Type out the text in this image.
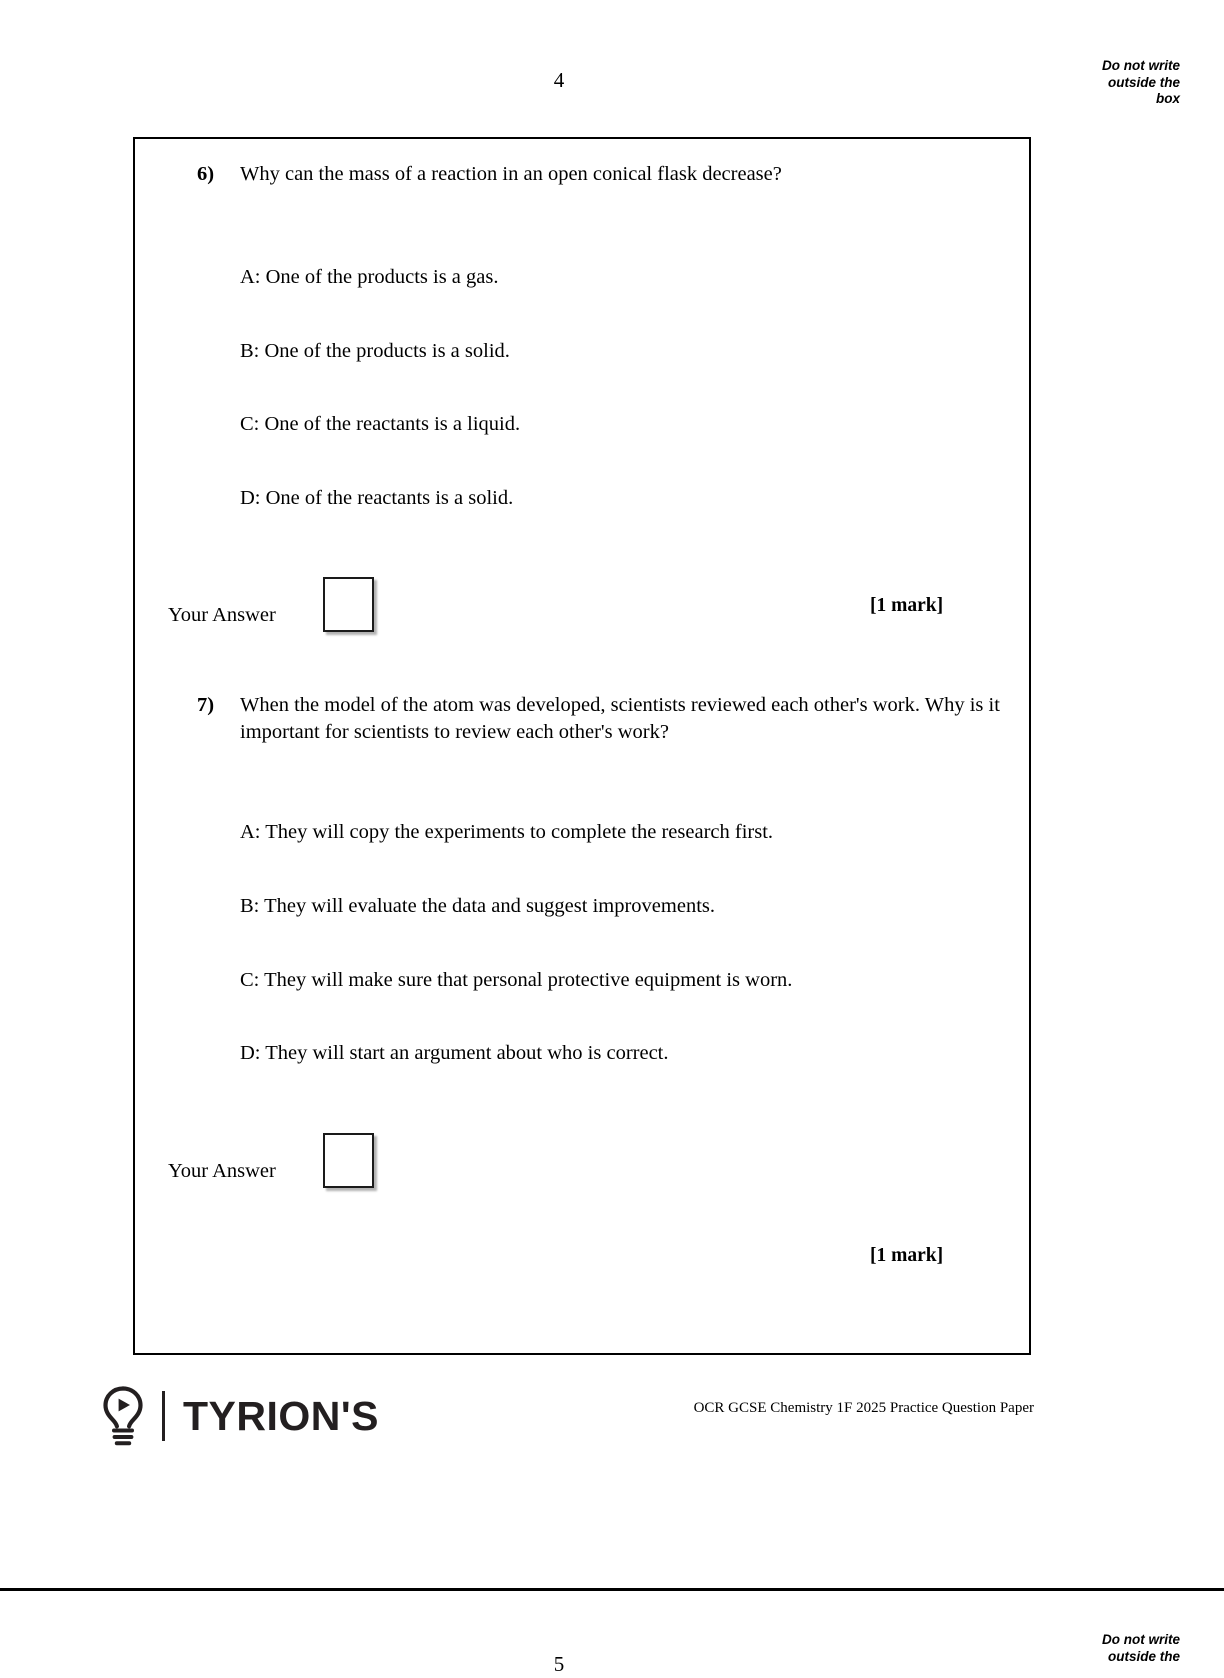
4
Do not write
outside the
box
6) Why can the mass of a reaction in an open conical flask decrease?
A: One of the products is a gas.
B: One of the products is a solid.
C: One of the reactants is a liquid.
D: One of the reactants is a solid.
Your Answer	[1 mark]
7) When the model of the atom was developed, scientists reviewed each other's work. Why is it important for scientists to review each other's work?
A: They will copy the experiments to complete the research first.
B: They will evaluate the data and suggest improvements.
C: They will make sure that personal protective equipment is worn.
D: They will start an argument about who is correct.
Your Answer
[1 mark]
TYRION'S	OCR GCSE Chemistry 1F 2025 Practice Question Paper
5
Do not write
outside the
